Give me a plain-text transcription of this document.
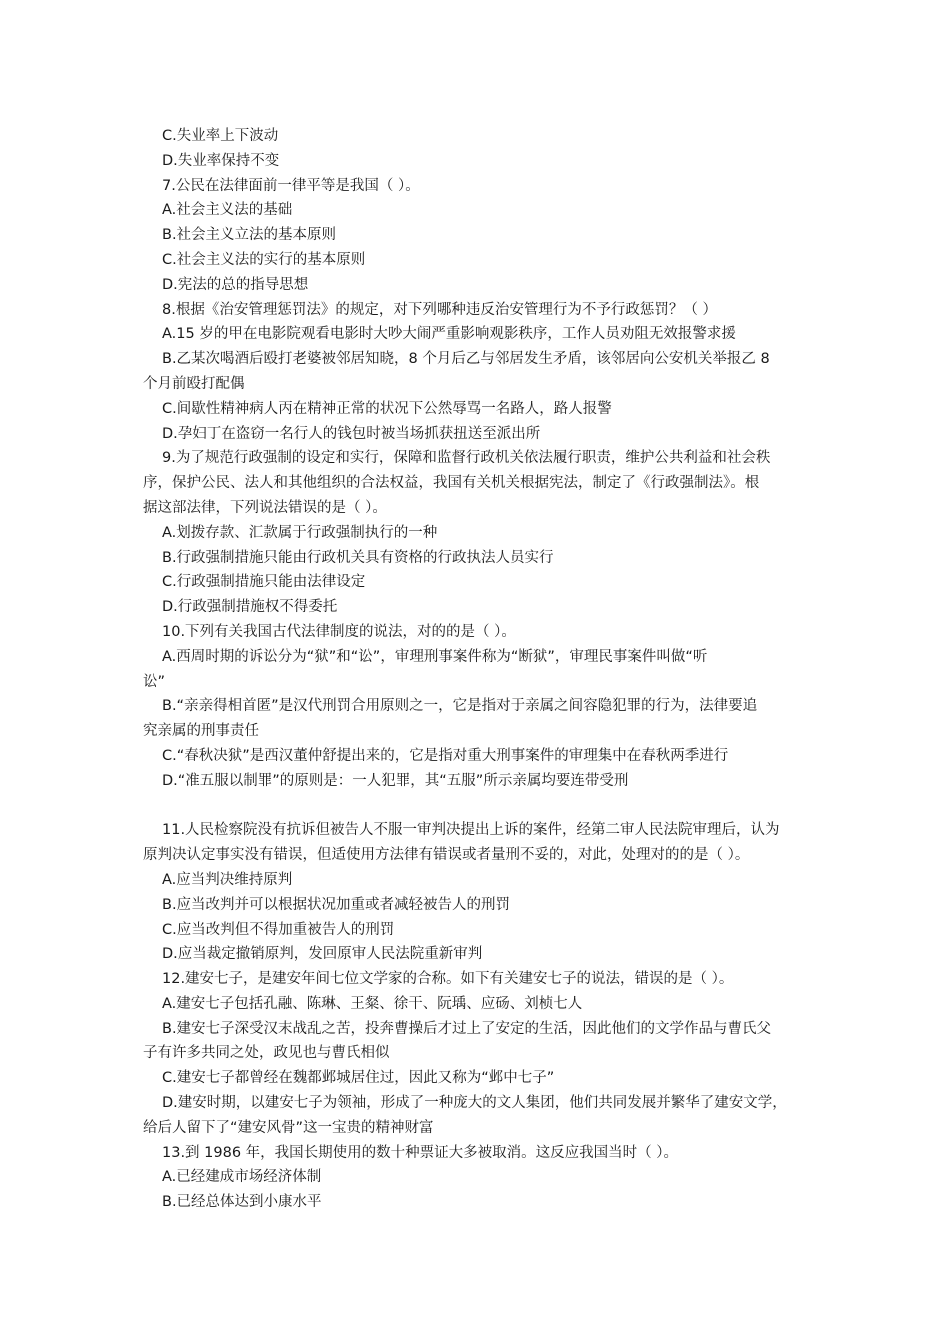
C.失业率上下波动
D.失业率保持不变
7.公民在法律面前一律平等是我国（ ）。
A.社会主义法的基础
B.社会主义立法的基本原则
C.社会主义法的实行的基本原则
D.宪法的总的指导思想
8.根据《治安管理惩罚法》的规定，对下列哪种违反治安管理行为不予行政惩罚？（ ）
A.15 岁的甲在电影院观看电影时大吵大闹严重影响观影秩序，工作人员劝阻无效报警求援
B.乙某次喝酒后殴打老婆被邻居知晓，8 个月后乙与邻居发生矛盾，该邻居向公安机关举报乙 8
个月前殴打配偶
C.间歇性精神病人丙在精神正常的状况下公然辱骂一名路人，路人报警
D.孕妇丁在盗窃一名行人的钱包时被当场抓获扭送至派出所
9.为了规范行政强制的设定和实行，保障和监督行政机关依法履行职责，维护公共利益和社会秩
序，保护公民、法人和其他组织的合法权益，我国有关机关根据宪法，制定了《行政强制法》。根
据这部法律，下列说法错误的是（ ）。
A.划拨存款、汇款属于行政强制执行的一种
B.行政强制措施只能由行政机关具有资格的行政执法人员实行
C.行政强制措施只能由法律设定
D.行政强制措施权不得委托
10.下列有关我国古代法律制度的说法，对的的是（ ）。
A.西周时期的诉讼分为“狱”和“讼”，审理刑事案件称为“断狱”，审理民事案件叫做“听
讼”
B.“亲亲得相首匿”是汉代刑罚合用原则之一，它是指对于亲属之间容隐犯罪的行为，法律要追
究亲属的刑事责任
C.“春秋决狱”是西汉董仲舒提出来的，它是指对重大刑事案件的审理集中在春秋两季进行
D.“准五服以制罪”的原则是：一人犯罪，其“五服”所示亲属均要连带受刑
11.人民检察院没有抗诉但被告人不服一审判决提出上诉的案件，经第二审人民法院审理后，认为
原判决认定事实没有错误，但适使用方法律有错误或者量刑不妥的，对此，处理对的的是（ ）。
A.应当判决维持原判
B.应当改判并可以根据状况加重或者减轻被告人的刑罚
C.应当改判但不得加重被告人的刑罚
D.应当裁定撤销原判，发回原审人民法院重新审判
12.建安七子，是建安年间七位文学家的合称。如下有关建安七子的说法，错误的是（ ）。
A.建安七子包括孔融、陈琳、王粲、徐干、阮瑀、应砀、刘桢七人
B.建安七子深受汉末战乱之苦，投奔曹操后才过上了安定的生活，因此他们的文学作品与曹氏父
子有许多共同之处，政见也与曹氏相似
C.建安七子都曾经在魏都邺城居住过，因此又称为“邺中七子”
D.建安时期，以建安七子为领袖，形成了一种庞大的文人集团，他们共同发展并繁华了建安文学，
给后人留下了“建安风骨”这一宝贵的精神财富
13.到 1986 年，我国长期使用的数十种票证大多被取消。这反应我国当时（ ）。
A.已经建成市场经济体制
B.已经总体达到小康水平
